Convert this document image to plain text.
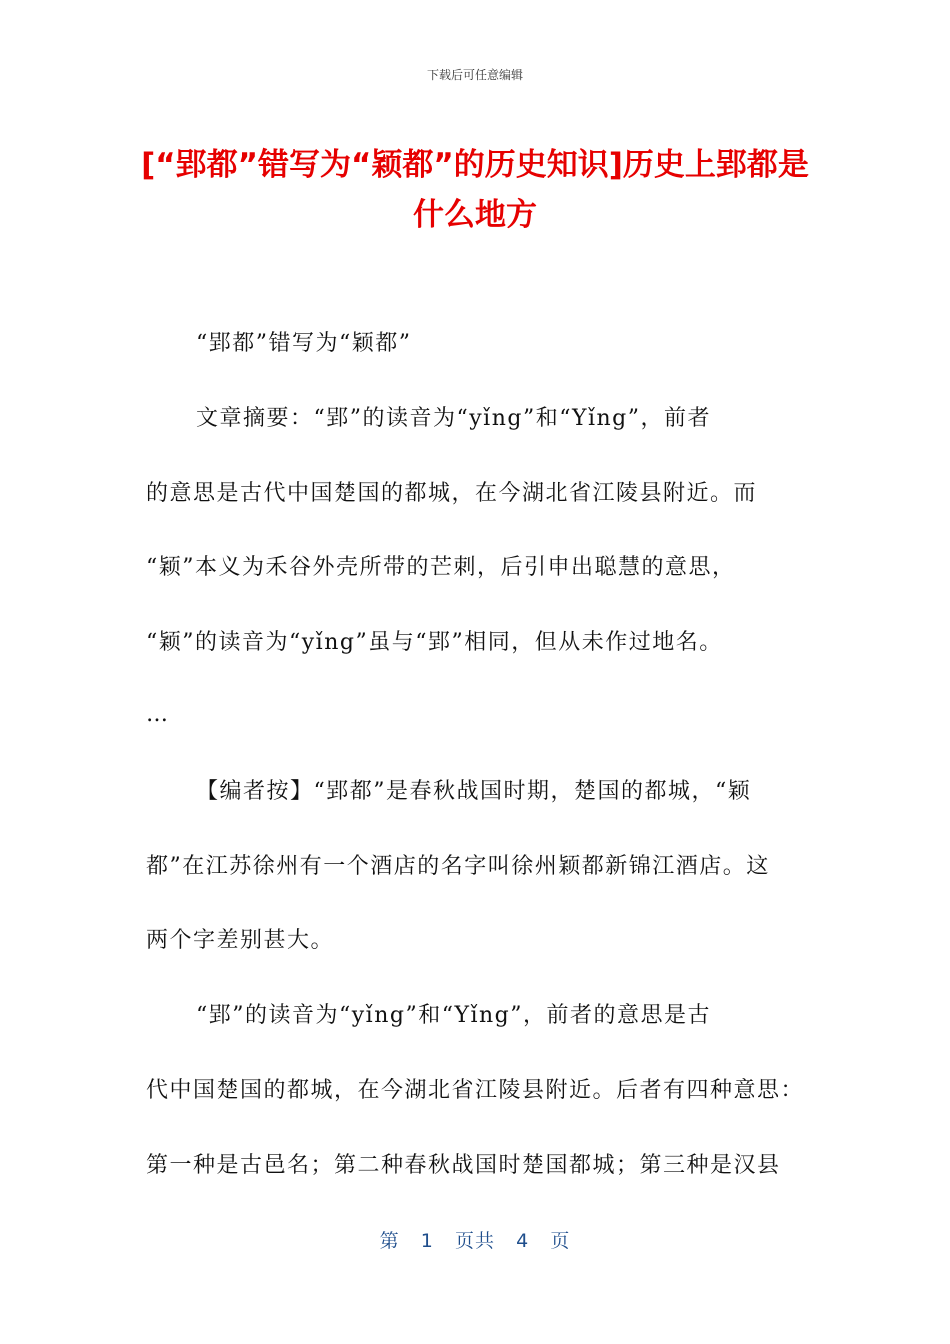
下载后可任意编辑
[“郢都”错写为“颖都”的历史知识]历史上郢都是什么地方
“郢都”错写为“颖都”
文章摘要：“郢”的读音为“yǐng”和“Yǐng”，前者
的意思是古代中国楚国的都城，在今湖北省江陵县附近。而
“颖”本义为禾谷外壳所带的芒刺，后引申出聪慧的意思，
“颖”的读音为“yǐng”虽与“郢”相同，但从未作过地名。
…
【编者按】“郢都”是春秋战国时期，楚国的都城，“颖
都”在江苏徐州有一个酒店的名字叫徐州颖都新锦江酒店。这
两个字差别甚大。
“郢”的读音为“yǐng”和“Yǐng”，前者的意思是古
代中国楚国的都城，在今湖北省江陵县附近。后者有四种意思：
第一种是古邑名；第二种春秋战国时楚国都城；第三种是汉县
第 1 页共 4 页
